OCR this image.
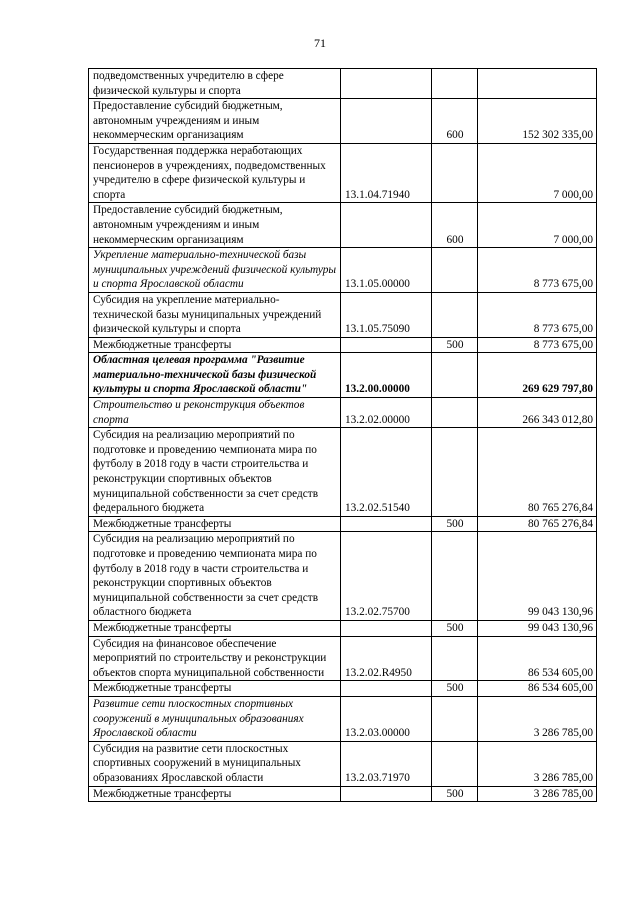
71
подведомственных учредителю в сфере физической культуры и спорта			
Предоставление субсидий бюджетным, автономным учреждениям и иным некоммерческим организациям		600	152 302 335,00
Государственная поддержка неработающих пенсионеров в учреждениях, подведомственных учредителю в сфере физической культуры и спорта	13.1.04.71940		7 000,00
Предоставление субсидий бюджетным, автономным учреждениям и иным некоммерческим организациям		600	7 000,00
Укрепление материально-технической базы муниципальных учреждений физической культуры и спорта Ярославской области	13.1.05.00000		8 773 675,00
Субсидия на укрепление материально-технической базы муниципальных учреждений физической культуры и спорта	13.1.05.75090		8 773 675,00
Межбюджетные трансферты		500	8 773 675,00
Областная целевая программа "Развитие материально-технической базы физической культуры и спорта Ярославской области"	13.2.00.00000		269 629 797,80
Строительство и реконструкция объектов спорта	13.2.02.00000		266 343 012,80
Субсидия на реализацию мероприятий по подготовке и проведению чемпионата мира по футболу в 2018 году в части строительства и реконструкции спортивных объектов муниципальной собственности за счет средств федерального бюджета	13.2.02.51540		80 765 276,84
Межбюджетные трансферты		500	80 765 276,84
Субсидия на реализацию мероприятий по подготовке и проведению чемпионата мира по футболу в 2018 году в части строительства и реконструкции спортивных объектов муниципальной собственности за счет средств областного бюджета	13.2.02.75700		99 043 130,96
Межбюджетные трансферты		500	99 043 130,96
Субсидия на финансовое обеспечение мероприятий по строительству и реконструкции объектов спорта муниципальной собственности	13.2.02.R4950		86 534 605,00
Межбюджетные трансферты		500	86 534 605,00
Развитие сети плоскостных спортивных сооружений в муниципальных образованиях Ярославской области	13.2.03.00000		3 286 785,00
Субсидия на развитие сети плоскостных спортивных сооружений в муниципальных образованиях Ярославской области	13.2.03.71970		3 286 785,00
Межбюджетные трансферты		500	3 286 785,00
